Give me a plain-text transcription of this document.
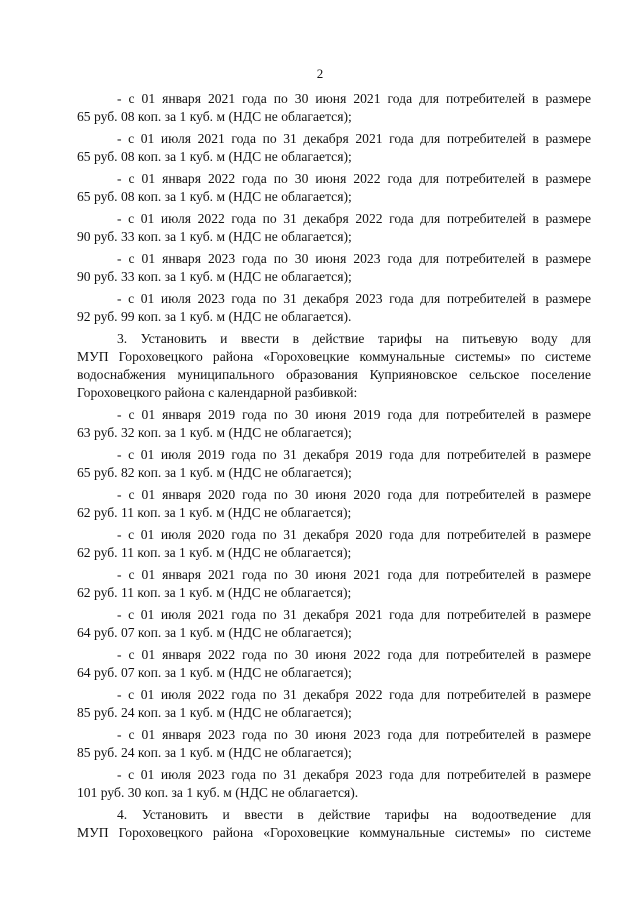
2
- с 01 января 2021 года по 30 июня 2021 года для потребителей в размере
65 руб. 08 коп. за 1 куб. м (НДС не облагается);
- с 01 июля 2021 года по 31 декабря 2021 года для потребителей в размере
65 руб. 08 коп. за 1 куб. м (НДС не облагается);
- с 01 января 2022 года по 30 июня 2022 года для потребителей в размере
65 руб. 08 коп. за 1 куб. м (НДС не облагается);
- с 01 июля 2022 года по 31 декабря 2022 года для потребителей в размере
90 руб. 33 коп. за 1 куб. м (НДС не облагается);
- с 01 января 2023 года по 30 июня 2023 года для потребителей в размере
90 руб. 33 коп. за 1 куб. м (НДС не облагается);
- с 01 июля 2023 года по 31 декабря 2023 года для потребителей в размере
92 руб. 99 коп. за 1 куб. м (НДС не облагается).
3. Установить и ввести в действие тарифы на питьевую воду для
МУП Гороховецкого района «Гороховецкие коммунальные системы» по системе
водоснабжения муниципального образования Куприяновское сельское поселение
Гороховецкого района с календарной разбивкой:
- с 01 января 2019 года по 30 июня 2019 года для потребителей в размере
63 руб. 32 коп. за 1 куб. м (НДС не облагается);
- с 01 июля 2019 года по 31 декабря 2019 года для потребителей в размере
65 руб. 82 коп. за 1 куб. м (НДС не облагается);
- с 01 января 2020 года по 30 июня 2020 года для потребителей в размере
62 руб. 11 коп. за 1 куб. м (НДС не облагается);
- с 01 июля 2020 года по 31 декабря 2020 года для потребителей в размере
62 руб. 11 коп. за 1 куб. м (НДС не облагается);
- с 01 января 2021 года по 30 июня 2021 года для потребителей в размере
62 руб. 11 коп. за 1 куб. м (НДС не облагается);
- с 01 июля 2021 года по 31 декабря 2021 года для потребителей в размере
64 руб. 07 коп. за 1 куб. м (НДС не облагается);
- с 01 января 2022 года по 30 июня 2022 года для потребителей в размере
64 руб. 07 коп. за 1 куб. м (НДС не облагается);
- с 01 июля 2022 года по 31 декабря 2022 года для потребителей в размере
85 руб. 24 коп. за 1 куб. м (НДС не облагается);
- с 01 января 2023 года по 30 июня 2023 года для потребителей в размере
85 руб. 24 коп. за 1 куб. м (НДС не облагается);
- с 01 июля 2023 года по 31 декабря 2023 года для потребителей в размере
101 руб. 30 коп. за 1 куб. м (НДС не облагается).
4. Установить и ввести в действие тарифы на водоотведение для
МУП Гороховецкого района «Гороховецкие коммунальные системы» по системе
